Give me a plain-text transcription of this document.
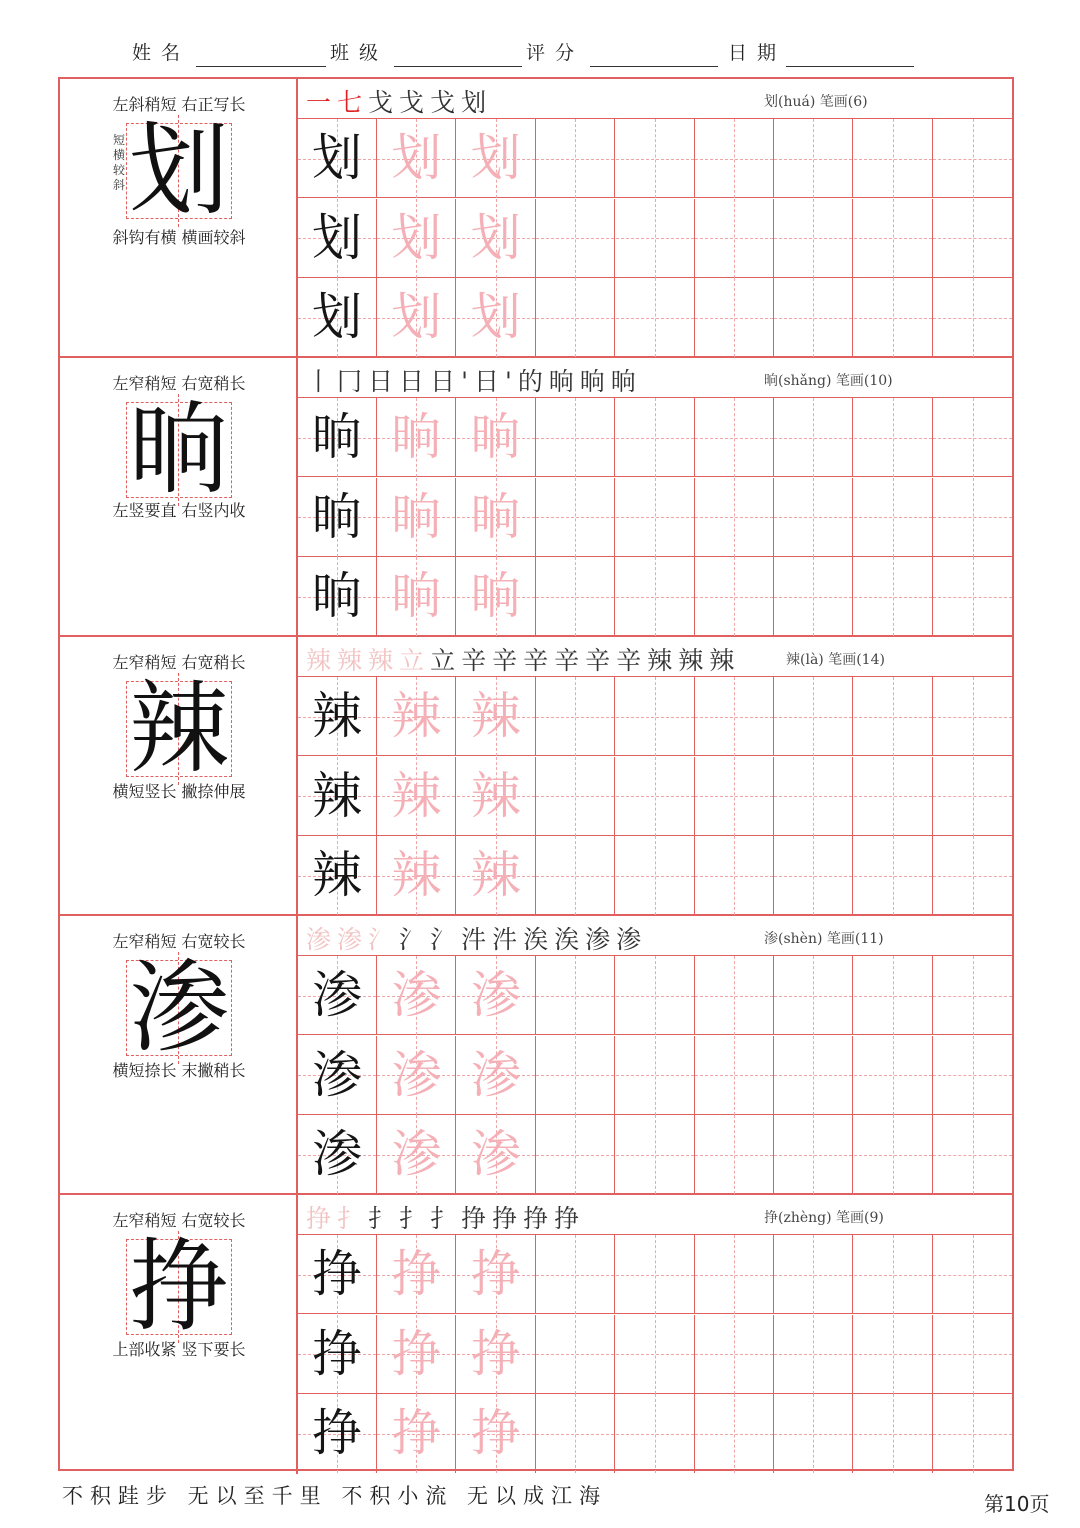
姓名	班级	评分	日期
左斜稍短 右正写长
划
短横较斜
斜钩有横 横画较斜
一七戈戈戈划	划(huá) 笔画(6)
划 划 划
划 划 划
划 划 划
左窄稍短 右宽稍长
晌
左竖要直 右竖内收
丨冂日日日'日'的晌晌晌	晌(shǎng) 笔画(10)
晌 晌 晌
晌 晌 晌
晌 晌 晌
左窄稍短 右宽稍长
辣
横短竖长 撇捺伸展
辣辣辣立立辛辛辛辛辛辛辣辣辣	辣(là) 笔画(14)
辣 辣 辣
辣 辣 辣
辣 辣 辣
左窄稍短 右宽较长
渗
横短捺长 末撇稍长
渗渗氵氵氵汼汼涘涘渗渗	渗(shèn) 笔画(11)
渗 渗 渗
渗 渗 渗
渗 渗 渗
左窄稍短 右宽较长
挣
上部收紧 竖下要长
挣扌扌扌扌挣挣挣挣	挣(zhèng) 笔画(9)
挣 挣 挣
挣 挣 挣
挣 挣 挣
不积跬步 无以至千里 不积小流 无以成江海	第10页
